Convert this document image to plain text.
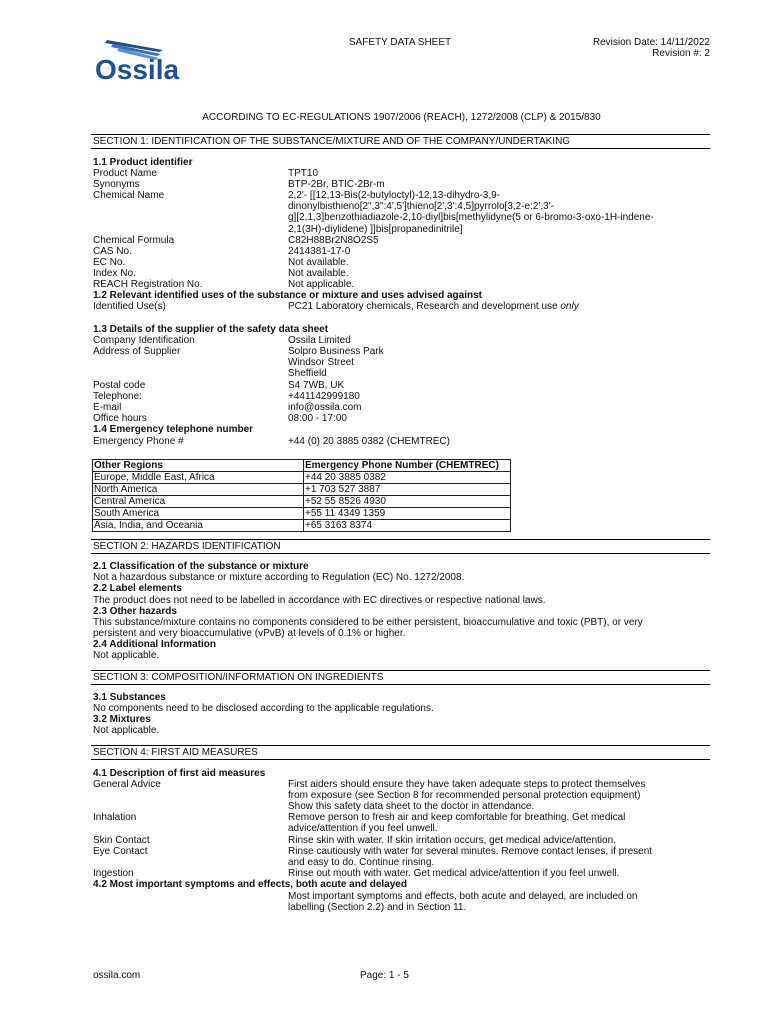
Ossila
SAFETY DATA SHEET	Revision Date: 14/11/2022
Revision #: 2
ACCORDING TO EC-REGULATIONS 1907/2006 (REACH), 1272/2008 (CLP) & 2015/830
SECTION 1: IDENTIFICATION OF THE SUBSTANCE/MIXTURE AND OF THE COMPANY/UNDERTAKING
1.1 Product identifier
Product Name	TPT10
Synonyms	BTP-2Br, BTIC-2Br-m
Chemical Name	2,2'- [[12,13-Bis(2-butyloctyl)-12,13-dihydro-3,9-
dinonylbisthieno[2",3":4',5']thieno[2',3':4,5]pyrrolo[3,2-e:2',3'-
g][2,1,3]benzothiadiazole-2,10-diyl]bis[methylidyne(5 or 6-bromo-3-oxo-1H-indene-
2,1(3H)-diylidene) ]]bis[propanedinitrile]
Chemical Formula	C82H88Br2N8O2S5
CAS No.	2414381-17-0
EC No.	Not available.
Index No.	Not available.
REACH Registration No.	Not applicable.
1.2 Relevant identified uses of the substance or mixture and uses advised against
Identified Use(s)	PC21 Laboratory chemicals, Research and development use only
1.3 Details of the supplier of the safety data sheet
Company Identification	Ossila Limited
Address of Supplier	Solpro Business Park
Windsor Street
Sheffield
Postal code	S4 7WB, UK
Telephone:	+441142999180
E-mail	info@ossila.com
Office hours	08:00 - 17:00
1.4 Emergency telephone number
Emergency Phone #	+44 (0) 20 3885 0382 (CHEMTREC)
Other Regions	Emergency Phone Number (CHEMTREC)
Europe, Middle East, Africa	+44 20 3885 0382
North America	+1 703 527 3887
Central America	+52 55 8526 4930
South America	+55 11 4349 1359
Asia, India, and Oceania	+65 3163 8374
SECTION 2: HAZARDS IDENTIFICATION
2.1 Classification of the substance or mixture
Not a hazardous substance or mixture according to Regulation (EC) No. 1272/2008.
2.2 Label elements
The product does not need to be labelled in accordance with EC directives or respective national laws.
2.3 Other hazards
This substance/mixture contains no components considered to be either persistent, bioaccumulative and toxic (PBT), or very
persistent and very bioaccumulative (vPvB) at levels of 0.1% or higher.
2.4 Additional Information
Not applicable.
SECTION 3: COMPOSITION/INFORMATION ON INGREDIENTS
3.1 Substances
No components need to be disclosed according to the applicable regulations.
3.2 Mixtures
Not applicable.
SECTION 4: FIRST AID MEASURES
4.1 Description of first aid measures
General Advice	First aiders should ensure they have taken adequate steps to protect themselves
from exposure (see Section 8 for recommended personal protection equipment)
Show this safety data sheet to the doctor in attendance.
Inhalation	Remove person to fresh air and keep comfortable for breathing. Get medical
advice/attention if you feel unwell.
Skin Contact	Rinse skin with water. If skin irritation occurs, get medical advice/attention.
Eye Contact	Rinse cautiously with water for several minutes. Remove contact lenses, if present
and easy to do. Continue rinsing.
Ingestion	Rinse out mouth with water. Get medical advice/attention if you feel unwell.
4.2 Most important symptoms and effects, both acute and delayed
Most important symptoms and effects, both acute and delayed, are included on
labelling (Section 2.2) and in Section 11.
ossila.com	Page: 1 - 5
